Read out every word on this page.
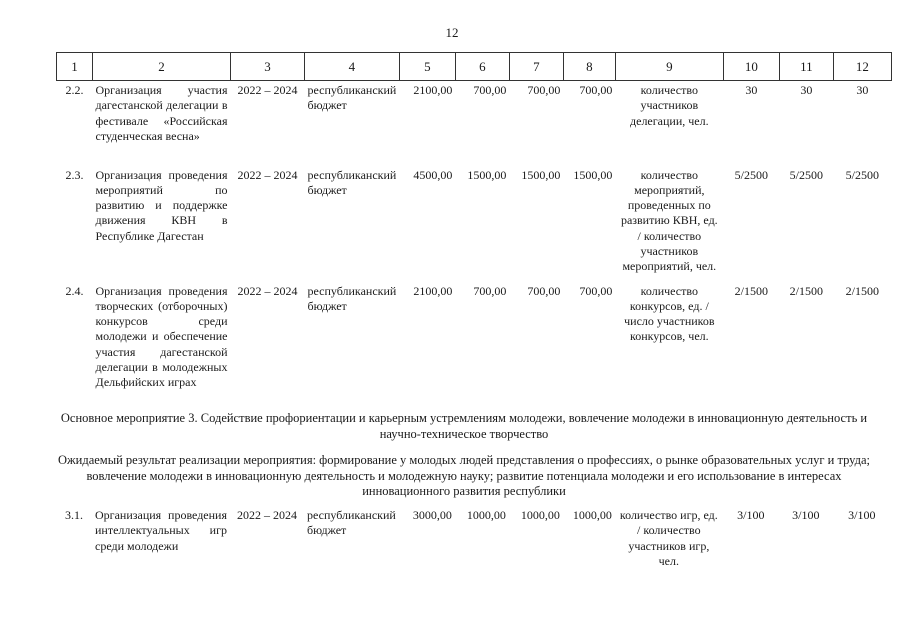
12
1	2	3	4	5	6	7	8	9	10	11	12
2.2.	Организация участия дагестанской делегации в фестивале «Российская студенческая весна»	2022 – 2024	республиканский бюджет	2100,00	700,00	700,00	700,00	количество участников делегации, чел.	30	30	30
2.3.	Организация проведения мероприятий по развитию и поддержке движения КВН в Республике Дагестан	2022 – 2024	республиканский бюджет	4500,00	1500,00	1500,00	1500,00	количество мероприятий, проведенных по развитию КВН, ед. / количество участников мероприятий, чел.	5/2500	5/2500	5/2500
2.4.	Организация проведения творческих (отборочных) конкурсов среди молодежи и обеспечение участия дагестанской делегации в молодежных Дельфийских играх	2022 – 2024	республиканский бюджет	2100,00	700,00	700,00	700,00	количество конкурсов, ед. / число участников конкурсов, чел.	2/1500	2/1500	2/1500
Основное мероприятие 3. Содействие профориентации и карьерным устремлениям молодежи, вовлечение молодежи в инновационную деятельность и научно-техническое творчество
Ожидаемый результат реализации мероприятия: формирование у молодых людей представления о профессиях, о рынке образовательных услуг и труда; вовлечение молодежи в инновационную деятельность и молодежную науку; развитие потенциала молодежи и его использование в интересах инновационного развития республики
3.1.	Организация проведения интеллектуальных игр среди молодежи	2022 – 2024	республиканский бюджет	3000,00	1000,00	1000,00	1000,00	количество игр, ед. / количество участников игр, чел.	3/100	3/100	3/100
